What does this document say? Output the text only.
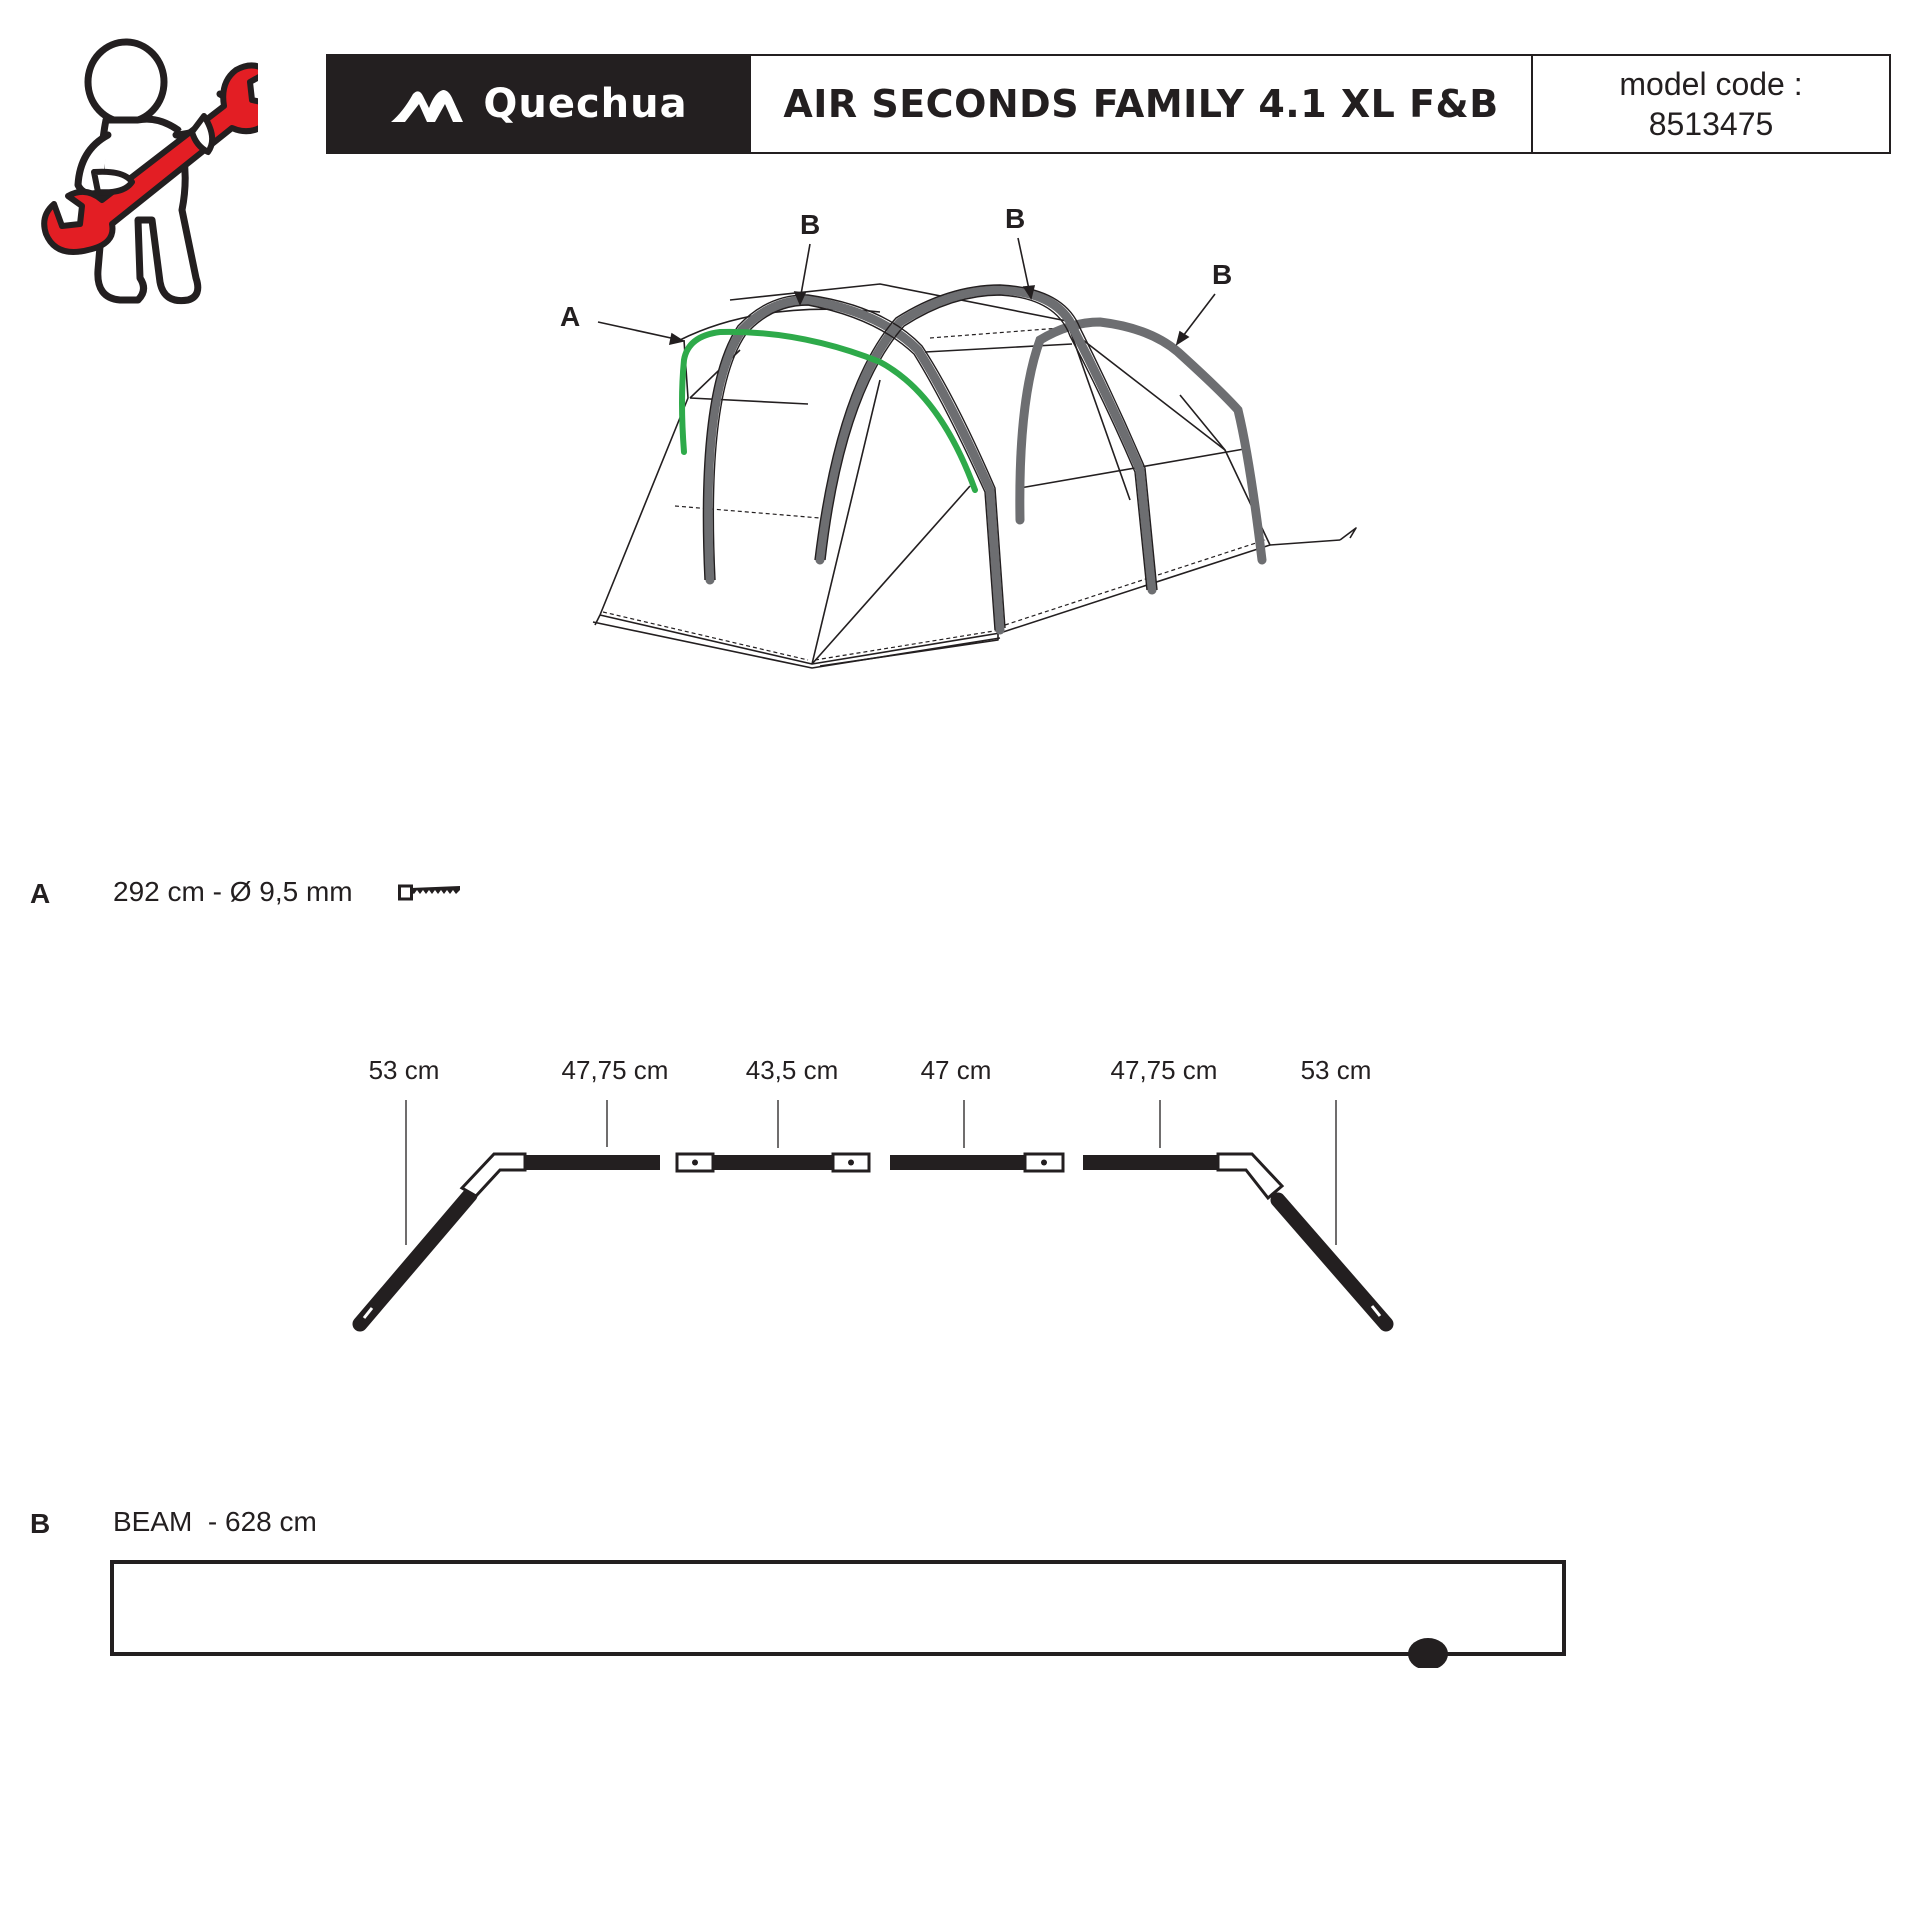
Quechua	AIR SECONDS FAMILY 4.1 XL F&B	model code :
8513475
A
B	B
B
A 292 cm - Ø 9,5 mm
53 cm	47,75 cm	43,5 cm	47 cm	47,75 cm	53 cm
B BEAM  - 628 cm
